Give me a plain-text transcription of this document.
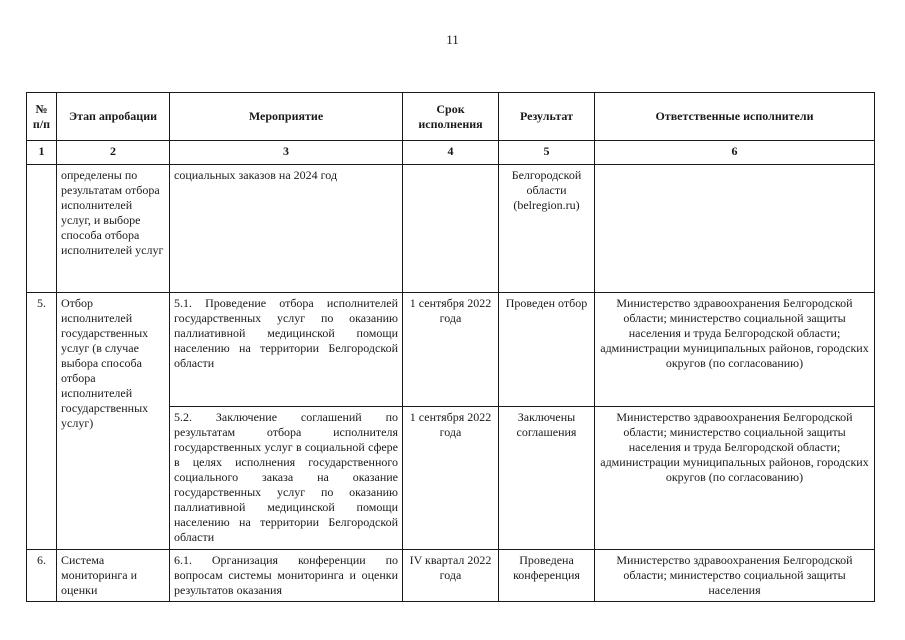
11
№ п/п	Этап апробации	Мероприятие	Срок исполнения	Результат	Ответственные исполнители
1	2	3	4	5	6
	определены по результатам отбора исполнителей услуг, и выборе способа отбора исполнителей услуг	социальных заказов на 2024 год		Белгородской области (belregion.ru)	
5.	Отбор исполнителей государственных услуг (в случае выбора способа отбора исполнителей государственных услуг)	5.1. Проведение отбора исполнителей государственных услуг по оказанию паллиативной медицинской помощи населению на территории Белгородской области	1 сентября 2022 года	Проведен отбор	Министерство здравоохранения Белгородской области; министерство социальной защиты населения и труда Белгородской области; администрации муниципальных районов, городских округов (по согласованию)
		5.2. Заключение соглашений по результатам отбора исполнителя государственных услуг в социальной сфере в целях исполнения государственного социального заказа на оказание государственных услуг по оказанию паллиативной медицинской помощи населению на территории Белгородской области	1 сентября 2022 года	Заключены соглашения	Министерство здравоохранения Белгородской области; министерство социальной защиты населения и труда Белгородской области; администрации муниципальных районов, городских округов (по согласованию)
6.	Система мониторинга и оценки	6.1. Организация конференции по вопросам системы мониторинга и оценки результатов оказания	IV квартал 2022 года	Проведена конференция	Министерство здравоохранения Белгородской области; министерство социальной защиты населения
